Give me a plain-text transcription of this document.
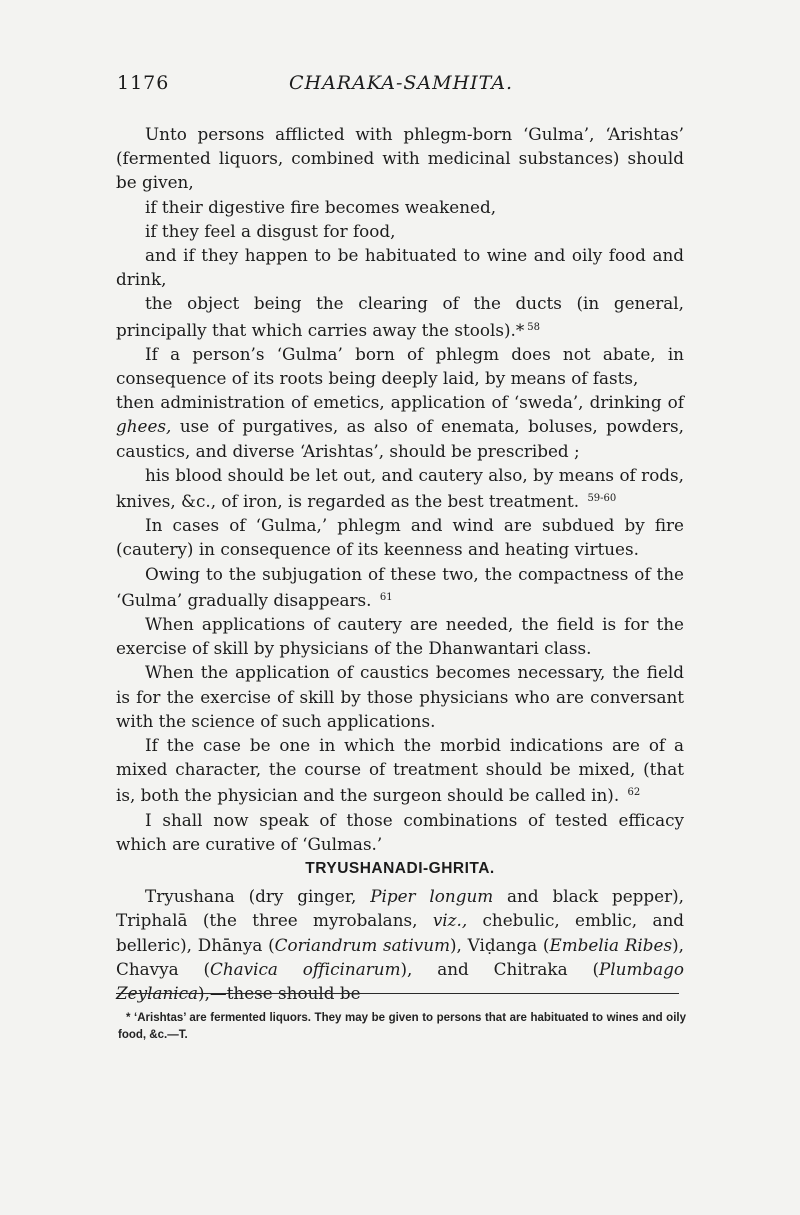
1176	CHARAKA-SAMHITA.

Unto persons afflicted with phlegm-born ‘Gulma’, ‘Arishtas’ (fermented liquors, combined with medicinal substances) should be given,

if their digestive fire becomes weakened,

if they feel a disgust for food,

and if they happen to be habituated to wine and oily food and drink,

the object being the clearing of the ducts (in general, principally that which carries away the stools).* $^{58}$

If a person’s ‘Gulma’ born of phlegm does not abate, in consequence of its roots being deeply laid, by means of fasts,

then administration of emetics, application of ‘sweda’, drinking of ghees, use of purgatives, as also of enemata, boluses, powders, caustics, and diverse ‘Arishtas’, should be prescribed ;

his blood should be let out, and cautery also, by means of rods, knives, &c., of iron, is regarded as the best treatment. $^{59-60}$

In cases of ‘Gulma,’ phlegm and wind are subdued by fire (cautery) in consequence of its keenness and heating virtues.

Owing to the subjugation of these two, the compactness of the ‘Gulma’ gradually disappears. $^{61}$

When applications of cautery are needed, the field is for the exercise of skill by physicians of the Dhanwantari class.

When the application of caustics becomes necessary, the field is for the exercise of skill by those physicians who are conversant with the science of such applications.

If the case be one in which the morbid indications are of a mixed character, the course of treatment should be mixed, (that is, both the physician and the surgeon should be called in). $^{62}$

I shall now speak of those combinations of tested efficacy which are curative of ‘Gulmas.’

TRYUSHANADI-GHRITA.

Tryushana (dry ginger, Piper longum and black pepper), Triphalā (the three myrobalans, viz., chebulic, emblic, and belleric), Dhānya (Coriandrum sativum), Viḍanga (Embelia Ribes), Chavya (Chavica officinarum), and Chitraka (Plumbago Zeylanica),—these should be

* ‘Arishtas’ are fermented liquors. They may be given to persons that are habituated to wines and oily food, &c.—T.
